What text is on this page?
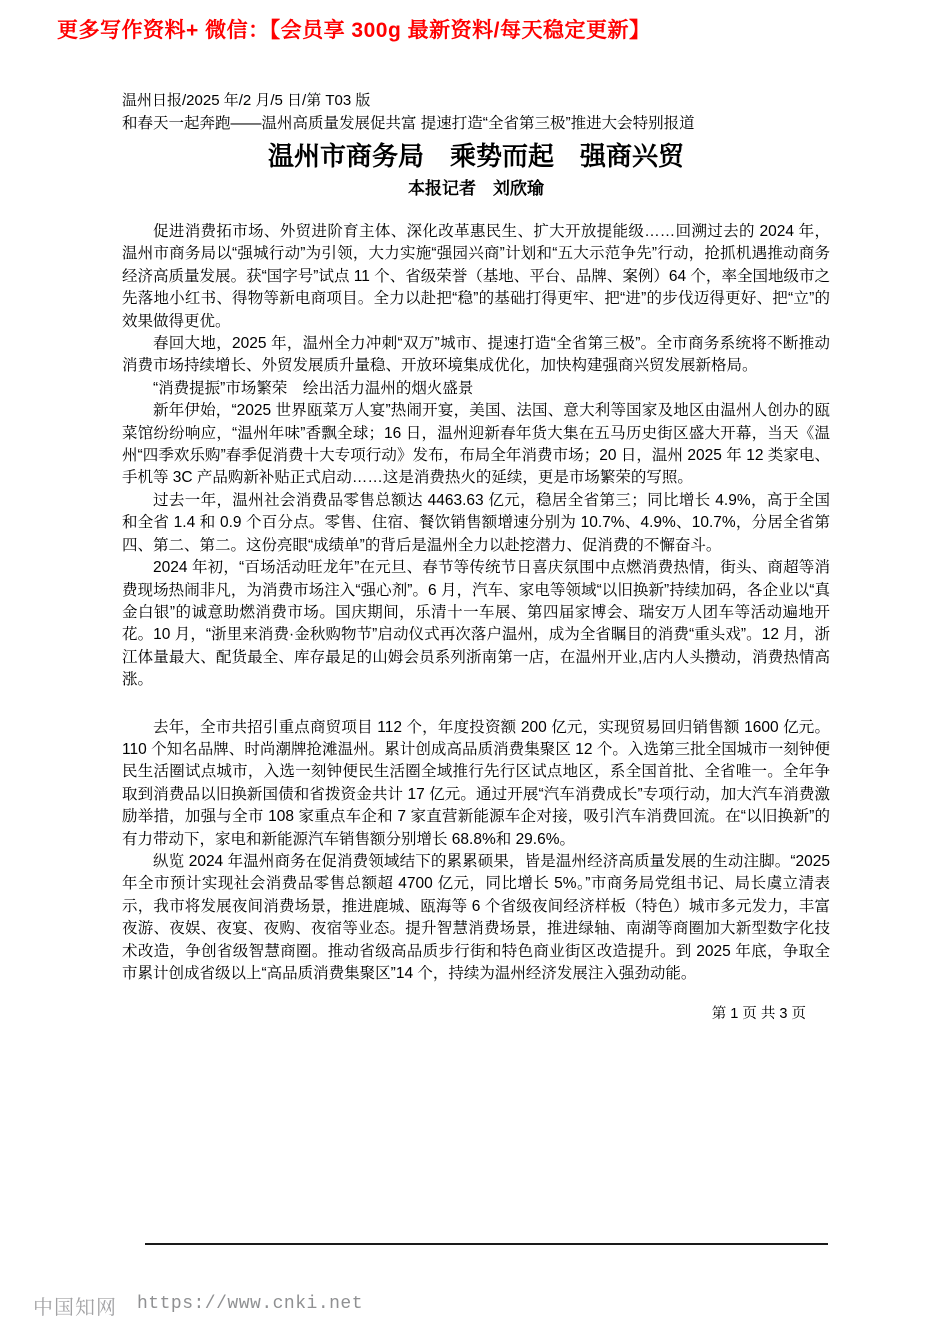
更多写作资料+ 微信：【会员享 300g 最新资料/每天稳定更新】
温州日报/2025 年/2 月/5 日/第 T03 版
和春天一起奔跑——温州高质量发展促共富 提速打造“全省第三极”推进大会特别报道
温州市商务局　乘势而起　强商兴贸
本报记者　刘欣瑜

促进消费拓市场、外贸进阶育主体、深化改革惠民生、扩大开放提能级……回溯过去的 2024 年，温州市商务局以“强城行动”为引领，大力实施“强园兴商”计划和“五大示范争先”行动，抢抓机遇推动商务经济高质量发展。获“国字号”试点 11 个、省级荣誉（基地、平台、品牌、案例）64 个，率全国地级市之先落地小红书、得物等新电商项目。全力以赴把“稳”的基础打得更牢、把“进”的步伐迈得更好、把“立”的效果做得更优。

春回大地，2025 年，温州全力冲刺“双万”城市、提速打造“全省第三极”。全市商务系统将不断推动消费市场持续增长、外贸发展质升量稳、开放环境集成优化，加快构建强商兴贸发展新格局。

“消费提振”市场繁荣　绘出活力温州的烟火盛景

新年伊始，“2025 世界瓯菜万人宴”热闹开宴，美国、法国、意大利等国家及地区由温州人创办的瓯菜馆纷纷响应，“温州年味”香飘全球；16 日，温州迎新春年货大集在五马历史街区盛大开幕，当天《温州“四季欢乐购”春季促消费十大专项行动》发布，布局全年消费市场；20 日，温州 2025 年 12 类家电、手机等 3C 产品购新补贴正式启动……这是消费热火的延续，更是市场繁荣的写照。

过去一年，温州社会消费品零售总额达 4463.63 亿元，稳居全省第三；同比增长 4.9%，高于全国和全省 1.4 和 0.9 个百分点。零售、住宿、餐饮销售额增速分别为 10.7%、4.9%、10.7%，分居全省第四、第二、第二。这份亮眼“成绩单”的背后是温州全力以赴挖潜力、促消费的不懈奋斗。

2024 年初，“百场活动旺龙年”在元旦、春节等传统节日喜庆氛围中点燃消费热情，街头、商超等消费现场热闹非凡，为消费市场注入“强心剂”。6 月，汽车、家电等领域“以旧换新”持续加码，各企业以“真金白银”的诚意助燃消费市场。国庆期间，乐清十一车展、第四届家博会、瑞安万人团车等活动遍地开花。10 月，“浙里来消费·金秋购物节”启动仪式再次落户温州，成为全省瞩目的消费“重头戏”。12 月，浙江体量最大、配货最全、库存最足的山姆会员系列浙南第一店，在温州开业,店内人头攒动，消费热情高涨。

去年，全市共招引重点商贸项目 112 个，年度投资额 200 亿元，实现贸易回归销售额 1600 亿元。110 个知名品牌、时尚潮牌抢滩温州。累计创成高品质消费集聚区 12 个。入选第三批全国城市一刻钟便民生活圈试点城市，入选一刻钟便民生活圈全域推行先行区试点地区，系全国首批、全省唯一。全年争取到消费品以旧换新国债和省拨资金共计 17 亿元。通过开展“汽车消费成长”专项行动，加大汽车消费激励举措，加强与全市 108 家重点车企和 7 家直营新能源车企对接，吸引汽车消费回流。在“以旧换新”的有力带动下，家电和新能源汽车销售额分别增长 68.8%和 29.6%。

纵览 2024 年温州商务在促消费领域结下的累累硕果，皆是温州经济高质量发展的生动注脚。“2025 年全市预计实现社会消费品零售总额超 4700 亿元，同比增长 5%。”市商务局党组书记、局长虞立清表示，我市将发展夜间消费场景，推进鹿城、瓯海等 6 个省级夜间经济样板（特色）城市多元发力，丰富夜游、夜娱、夜宴、夜购、夜宿等业态。提升智慧消费场景，推进绿轴、南湖等商圈加大新型数字化技术改造，争创省级智慧商圈。推动省级高品质步行街和特色商业街区改造提升。到 2025 年底，争取全市累计创成省级以上“高品质消费集聚区”14 个，持续为温州经济发展注入强劲动能。

第 1 页 共 3 页
中国知网 https://www.cnki.net
